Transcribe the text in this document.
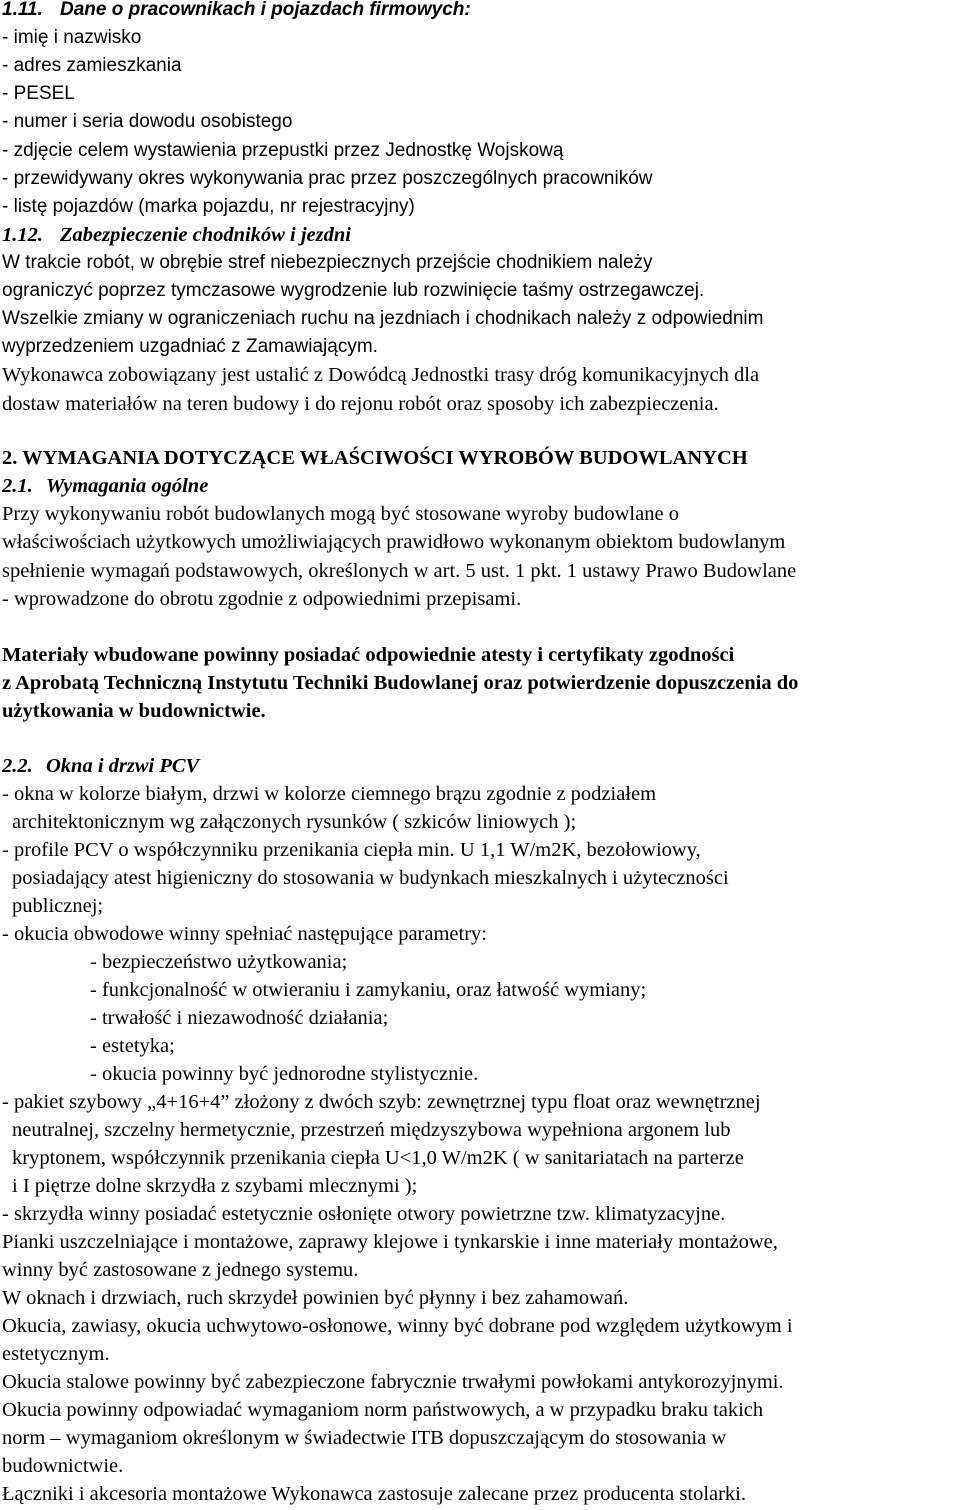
1.11. Dane o pracownikach i pojazdach firmowych:
- imię i nazwisko
- adres zamieszkania
- PESEL
- numer i seria dowodu osobistego
- zdjęcie celem wystawienia przepustki przez Jednostkę Wojskową
- przewidywany okres wykonywania prac przez poszczególnych pracowników
- listę pojazdów (marka pojazdu, nr rejestracyjny)
1.12. Zabezpieczenie chodników i jezdni
W trakcie robót, w obrębie stref niebezpiecznych przejście chodnikiem należy
ograniczyć poprzez tymczasowe wygrodzenie lub rozwinięcie taśmy ostrzegawczej.
Wszelkie zmiany w ograniczeniach ruchu na jezdniach i chodnikach należy z odpowiednim
wyprzedzeniem uzgadniać z Zamawiającym.
Wykonawca zobowiązany jest ustalić z Dowódcą Jednostki trasy dróg komunikacyjnych dla
dostaw materiałów na teren budowy i do rejonu robót oraz sposoby ich zabezpieczenia.
2. WYMAGANIA DOTYCZĄCE WŁAŚCIWOŚCI WYROBÓW BUDOWLANYCH
2.1. Wymagania ogólne
Przy wykonywaniu robót budowlanych mogą być stosowane wyroby budowlane o
właściwościach użytkowych umożliwiających prawidłowo wykonanym obiektom budowlanym
spełnienie wymagań podstawowych, określonych w art. 5 ust. 1 pkt. 1 ustawy Prawo Budowlane
- wprowadzone do obrotu zgodnie z odpowiednimi przepisami.
Materiały wbudowane powinny posiadać odpowiednie atesty i certyfikaty zgodności
z Aprobatą Techniczną Instytutu Techniki Budowlanej oraz potwierdzenie dopuszczenia do
użytkowania w budownictwie.
2.2. Okna i drzwi PCV
- okna w kolorze białym, drzwi w kolorze ciemnego brązu zgodnie z podziałem
architektonicznym wg załączonych rysunków ( szkiców liniowych );
- profile PCV o współczynniku przenikania ciepła min. U 1,1 W/m2K, bezołowiowy,
posiadający atest higieniczny do stosowania w budynkach mieszkalnych i użyteczności
publicznej;
- okucia obwodowe winny spełniać następujące parametry:
- bezpieczeństwo użytkowania;
- funkcjonalność w otwieraniu i zamykaniu, oraz łatwość wymiany;
- trwałość i niezawodność działania;
- estetyka;
- okucia powinny być jednorodne stylistycznie.
- pakiet szybowy „4+16+4” złożony z dwóch szyb: zewnętrznej typu float oraz wewnętrznej
neutralnej, szczelny hermetycznie, przestrzeń międzyszybowa wypełniona argonem lub
kryptonem, współczynnik przenikania ciepła U<1,0 W/m2K ( w sanitariatach na parterze
i I piętrze dolne skrzydła z szybami mlecznymi );
- skrzydła winny posiadać estetycznie osłonięte otwory powietrzne tzw. klimatyzacyjne.
Pianki uszczelniające i montażowe, zaprawy klejowe i tynkarskie i inne materiały montażowe,
winny być zastosowane z jednego systemu.
W oknach i drzwiach, ruch skrzydeł powinien być płynny i bez zahamowań.
Okucia, zawiasy, okucia uchwytowo-osłonowe, winny być dobrane pod względem użytkowym i
estetycznym.
Okucia stalowe powinny być zabezpieczone fabrycznie trwałymi powłokami antykorozyjnymi.
Okucia powinny odpowiadać wymaganiom norm państwowych, a w przypadku braku takich
norm – wymaganiom określonym w świadectwie ITB dopuszczającym do stosowania w
budownictwie.
Łączniki i akcesoria montażowe Wykonawca zastosuje zalecane przez producenta stolarki.
